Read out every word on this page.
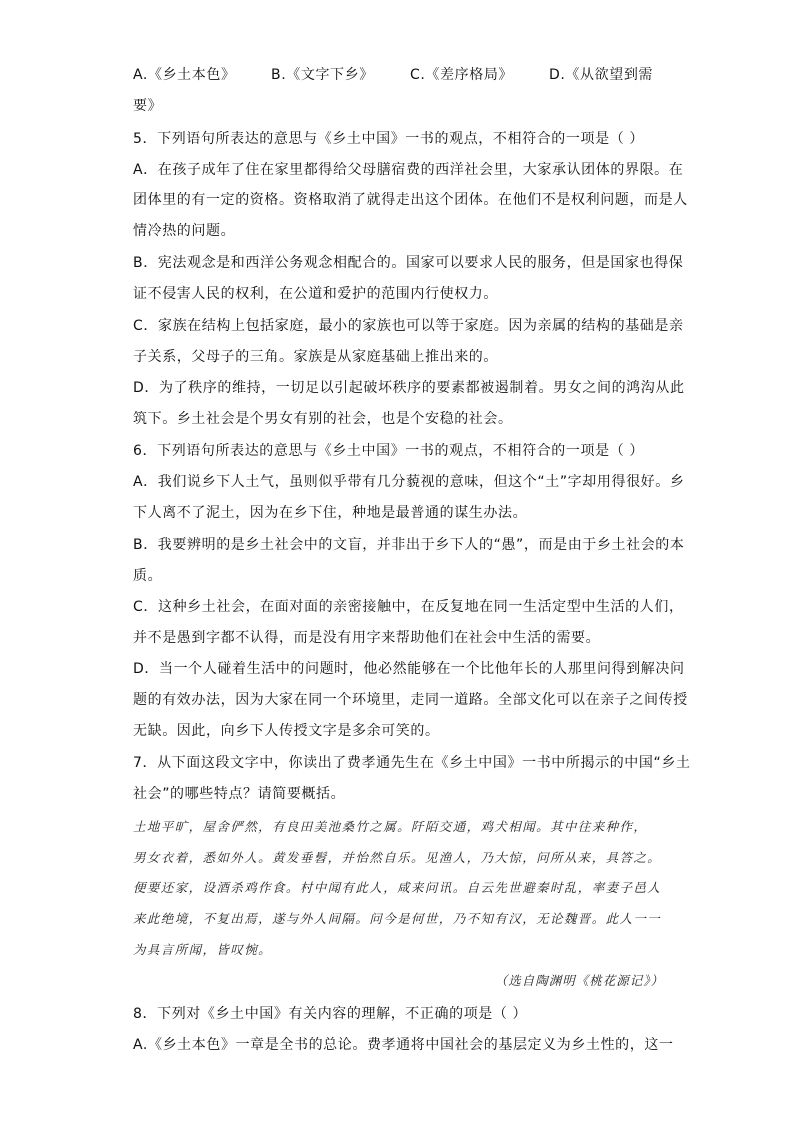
A.《乡土本色》	B.《文字下乡》	C.《差序格局》	D.《从欲望到需
要》
5．下列语句所表达的意思与《乡土中国》一书的观点，不相符合的一项是（ ）
A．在孩子成年了住在家里都得给父母膳宿费的西洋社会里，大家承认团体的界限。在
团体里的有一定的资格。资格取消了就得走出这个团体。在他们不是权利问题，而是人
情冷热的问题。
B．宪法观念是和西洋公务观念相配合的。国家可以要求人民的服务，但是国家也得保
证不侵害人民的权利，在公道和爱护的范围内行使权力。
C．家族在结构上包括家庭，最小的家族也可以等于家庭。因为亲属的结构的基础是亲
子关系，父母子的三角。家族是从家庭基础上推出来的。
D．为了秩序的维持，一切足以引起破坏秩序的要素都被遏制着。男女之间的鸿沟从此
筑下。乡土社会是个男女有别的社会，也是个安稳的社会。
6．下列语句所表达的意思与《乡土中国》一书的观点，不相符合的一项是（ ）
A．我们说乡下人土气，虽则似乎带有几分藐视的意味，但这个“土”字却用得很好。乡
下人离不了泥土，因为在乡下住，种地是最普通的谋生办法。
B．我要辨明的是乡土社会中的文盲，并非出于乡下人的“愚”，而是由于乡土社会的本
质。
C．这种乡土社会，在面对面的亲密接触中，在反复地在同一生活定型中生活的人们，
并不是愚到字都不认得，而是没有用字来帮助他们在社会中生活的需要。
D．当一个人碰着生活中的问题时，他必然能够在一个比他年长的人那里问得到解决问
题的有效办法，因为大家在同一个环境里，走同一道路。全部文化可以在亲子之间传授
无缺。因此，向乡下人传授文字是多余可笑的。
7．从下面这段文字中，你读出了费孝通先生在《乡土中国》一书中所揭示的中国“乡土
社会”的哪些特点？请简要概括。
土地平旷，屋舍俨然，有良田美池桑竹之属。阡陌交通，鸡犬相闻。其中往来种作，
男女衣着，悉如外人。黄发垂髫，并怡然自乐。见渔人，乃大惊，问所从来，具答之。
便要还家，设酒杀鸡作食。村中闻有此人，咸来问讯。自云先世避秦时乱，率妻子邑人
来此绝境，不复出焉，遂与外人间隔。问今是何世，乃不知有汉，无论魏晋。此人一一
为具言所闻，皆叹惋。
（选自陶渊明《桃花源记》）
8．下列对《乡土中国》有关内容的理解，不正确的项是（ ）
A.《乡土本色》一章是全书的总论。费孝通将中国社会的基层定义为乡土性的，这一
